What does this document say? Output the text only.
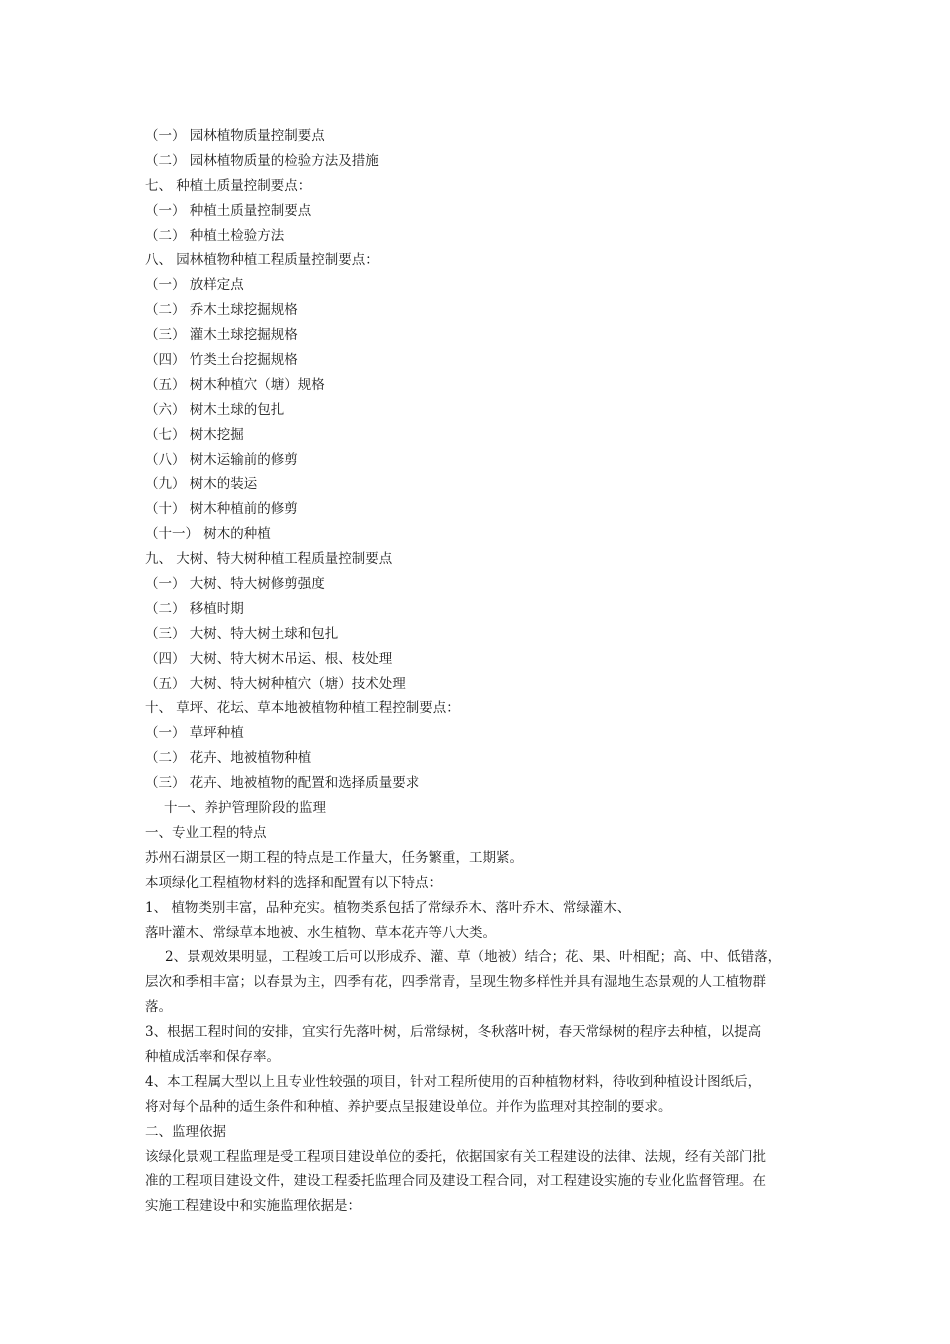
（一） 园林植物质量控制要点
（二） 园林植物质量的检验方法及措施
七、 种植土质量控制要点：
（一） 种植土质量控制要点
（二） 种植土检验方法
八、 园林植物种植工程质量控制要点：
（一） 放样定点
（二） 乔木土球挖掘规格
（三） 灌木土球挖掘规格
（四） 竹类土台挖掘规格
（五） 树木种植穴（塘）规格
（六） 树木土球的包扎
（七） 树木挖掘
（八） 树木运输前的修剪
（九） 树木的装运
（十） 树木种植前的修剪
（十一） 树木的种植
九、 大树、特大树种植工程质量控制要点
（一） 大树、特大树修剪强度
（二） 移植时期
（三） 大树、特大树土球和包扎
（四） 大树、特大树木吊运、根、枝处理
（五） 大树、特大树种植穴（塘）技术处理
十、 草坪、花坛、草本地被植物种植工程控制要点：
（一） 草坪种植
（二） 花卉、地被植物种植
（三） 花卉、地被植物的配置和选择质量要求
十一、养护管理阶段的监理
一、专业工程的特点
苏州石湖景区一期工程的特点是工作量大，任务繁重，工期紧。
本项绿化工程植物材料的选择和配置有以下特点：
1、 植物类别丰富，品种充实。植物类系包括了常绿乔木、落叶乔木、常绿灌木、
落叶灌木、常绿草本地被、水生植物、草本花卉等八大类。
2、景观效果明显，工程竣工后可以形成乔、灌、草（地被）结合；花、果、叶相配；高、中、低错落，
层次和季相丰富；以春景为主，四季有花，四季常青，呈现生物多样性并具有湿地生态景观的人工植物群
落。
3、根据工程时间的安排，宜实行先落叶树，后常绿树，冬秋落叶树，春天常绿树的程序去种植，以提高
种植成活率和保存率。
4、本工程属大型以上且专业性较强的项目，针对工程所使用的百种植物材料，待收到种植设计图纸后，
将对每个品种的适生条件和种植、养护要点呈报建设单位。并作为监理对其控制的要求。
二、监理依据
该绿化景观工程监理是受工程项目建设单位的委托，依据国家有关工程建设的法律、法规，经有关部门批
准的工程项目建设文件，建设工程委托监理合同及建设工程合同，对工程建设实施的专业化监督管理。在
实施工程建设中和实施监理依据是：
